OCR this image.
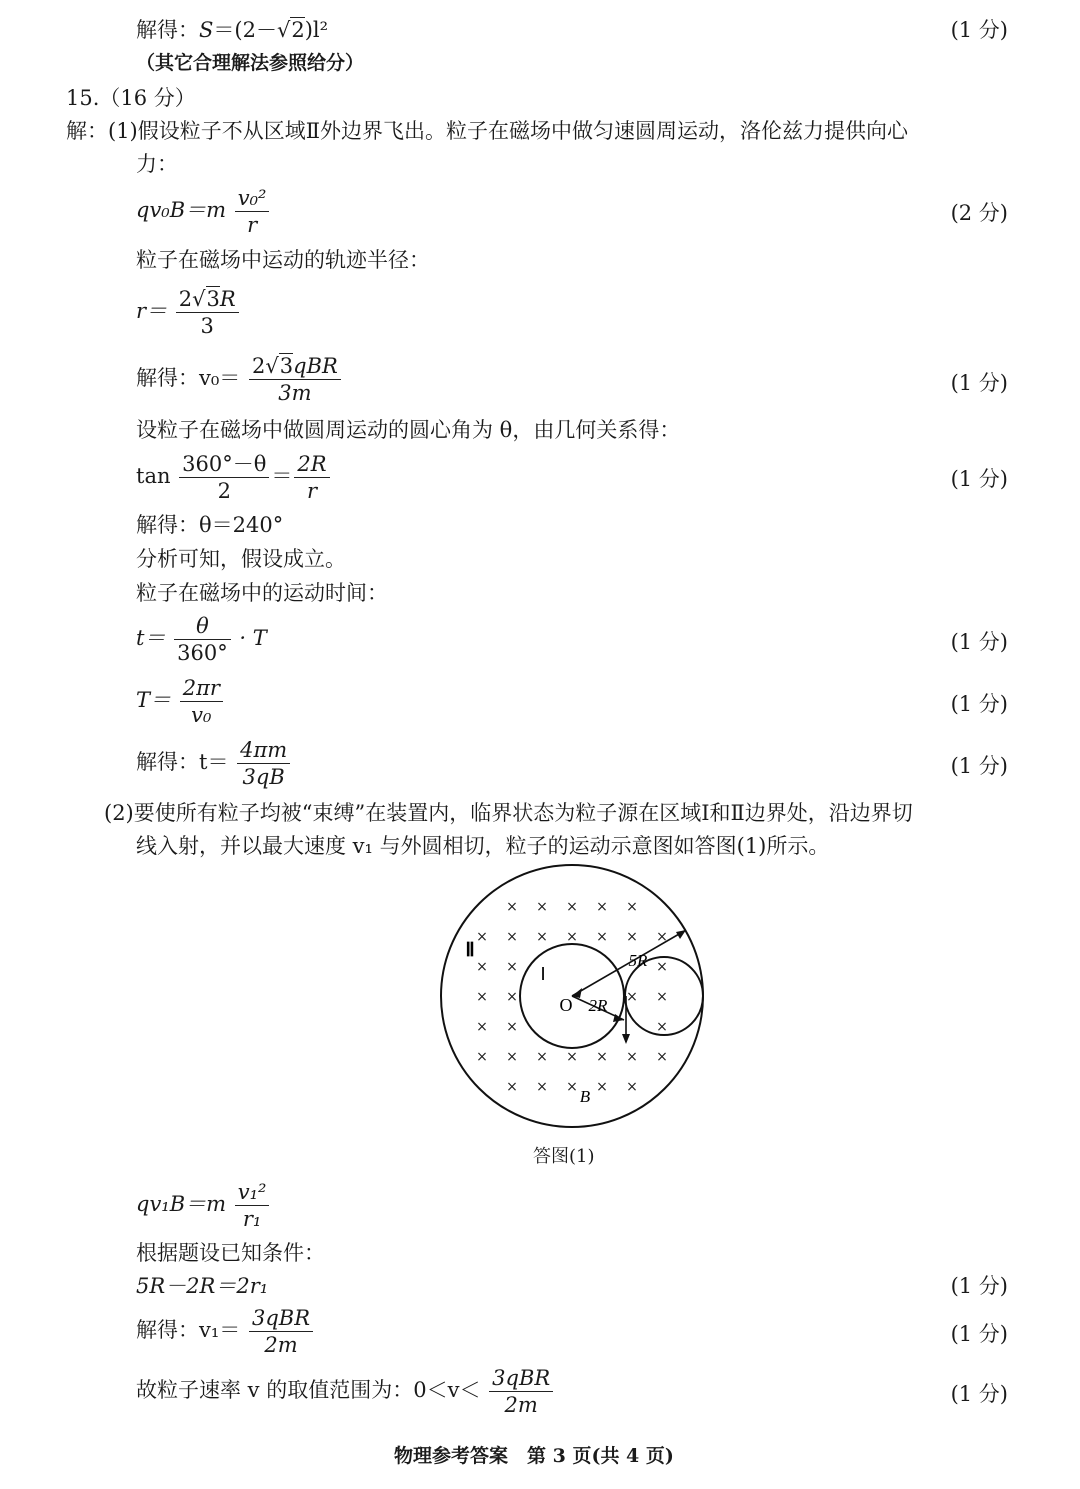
解得：S＝(2－√2)l²	(1 分)
（其它合理解法参照给分）
15.（16 分）
解：(1)假设粒子不从区域Ⅱ外边界飞出。粒子在磁场中做匀速圆周运动，洛伦兹力提供向心
力：
$qv_0B=m \frac{\text{v₀²}}{r}$	(2 分)
粒子在磁场中运动的轨迹半径：
$r= \frac{2√3R}{3}$
解得：$v_0= \frac{\text{2√3qBR}}{3m}$	(1 分)
设粒子在磁场中做圆周运动的圆心角为 θ，由几何关系得：
$\tan \frac{360^\circ-\theta}{2} = \frac{2R}{r}$	(1 分)
解得：θ＝240°
分析可知，假设成立。
粒子在磁场中的运动时间：
$t= \frac{\theta}{360^\circ} \cdot T$	(1 分)
$T= \frac{2\pi r}{\text{v₀}}$	(1 分)
解得：$t= \frac{4\pi m}{3qB}$	(1 分)
(2)要使所有粒子均被“束缚”在装置内，临界状态为粒子源在区域Ⅰ和Ⅱ边界处，沿边界切
线入射，并以最大速度 v₁ 与外圆相切，粒子的运动示意图如答图(1)所示。
× × × × ×
× × × × × × ×
× ×	×
× ×	× ×
× ×	×
× × × × × × ×
× × × × ×
Ⅱ
Ⅰ
5R
2R
O
B
答图(1)
$qv_1B=m \frac{\text{v₁²}}{\text{r₁}}$
根据题设已知条件：
5R－2R＝2r₁	(1 分)
解得：$v_1= \frac{\text{3qBR}}{2m}$	(1 分)
故粒子速率 v 的取值范围为：$0<v< \frac{\text{3qBR}}{2m}$	(1 分)
物理参考答案　第 3 页(共 4 页)
